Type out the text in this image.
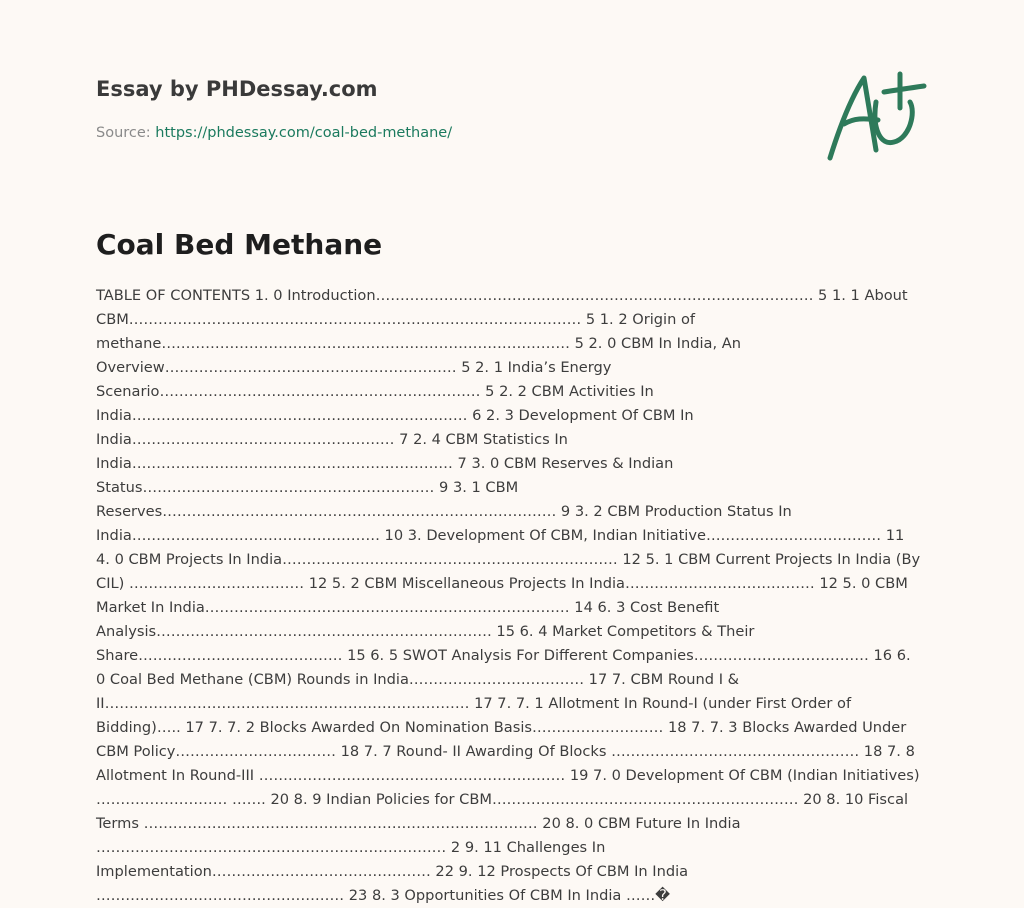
Essay by PHDessay.com

Source: https://phdessay.com/coal-bed-methane/
Coal Bed Methane
TABLE OF CONTENTS 1. 0 Introduction……………………………………………………………………………… 5 1. 1 About CBM………………………………………………………………………………… 5 1. 2 Origin of methane………………………………………………………………………… 5 2. 0 CBM In India, An Overview…………………………………………………… 5 2. 1 India’s Energy Scenario………………………………………………………… 5 2. 2 CBM Activities In India…………………………………………………………… 6 2. 3 Development Of CBM In India……………………………………………… 7 2. 4 CBM Statistics In India………………………………………………………… 7 3. 0 CBM Reserves & Indian Status…………………………………………………… 9 3. 1 CBM Reserves……………………………………………………………………… 9 3. 2 CBM Production Status In India…………………………………………… 10 3. Development Of CBM, Indian Initiative……………………………… 11 4. 0 CBM Projects In India…………………………………………………………… 12 5. 1 CBM Current Projects In India (By CIL) ……………………………… 12 5. 2 CBM Miscellaneous Projects In India………………………………… 12 5. 0 CBM Market In India………………………………………………………………… 14 6. 3 Cost Benefit Analysis…………………………………………………………… 15 6. 4 Market Competitors & Their Share…………………………………… 15 6. 5 SWOT Analysis For Different Companies……………………………… 16 6. 0 Coal Bed Methane (CBM) Rounds in India……………………………… 17 7. CBM Round I & II………………………………………………………………… 17 7. 7. 1 Allotment In Round-I (under First Order of Bidding)….. 17 7. 7. 2 Blocks Awarded On Nomination Basis……………………… 18 7. 7. 3 Blocks Awarded Under CBM Policy…………………………… 18 7. 7 Round- II Awarding Of Blocks …………………………………………… 18 7. 8 Allotment In Round-III ……………………………………………………… 19 7. 0 Development Of CBM (Indian Initiatives) ……………………… ……. 20 8. 9 Indian Policies for CBM……………………………………………………… 20 8. 10 Fiscal Terms ……………………………………………………………………… 20 8. 0 CBM Future In India ……………………………………………………………… 2 9. 11 Challenges In Implementation……………………………………… 22 9. 12 Prospects Of CBM In India …………………………………………… 23 8. 3 Opportunities Of CBM In India ……�
